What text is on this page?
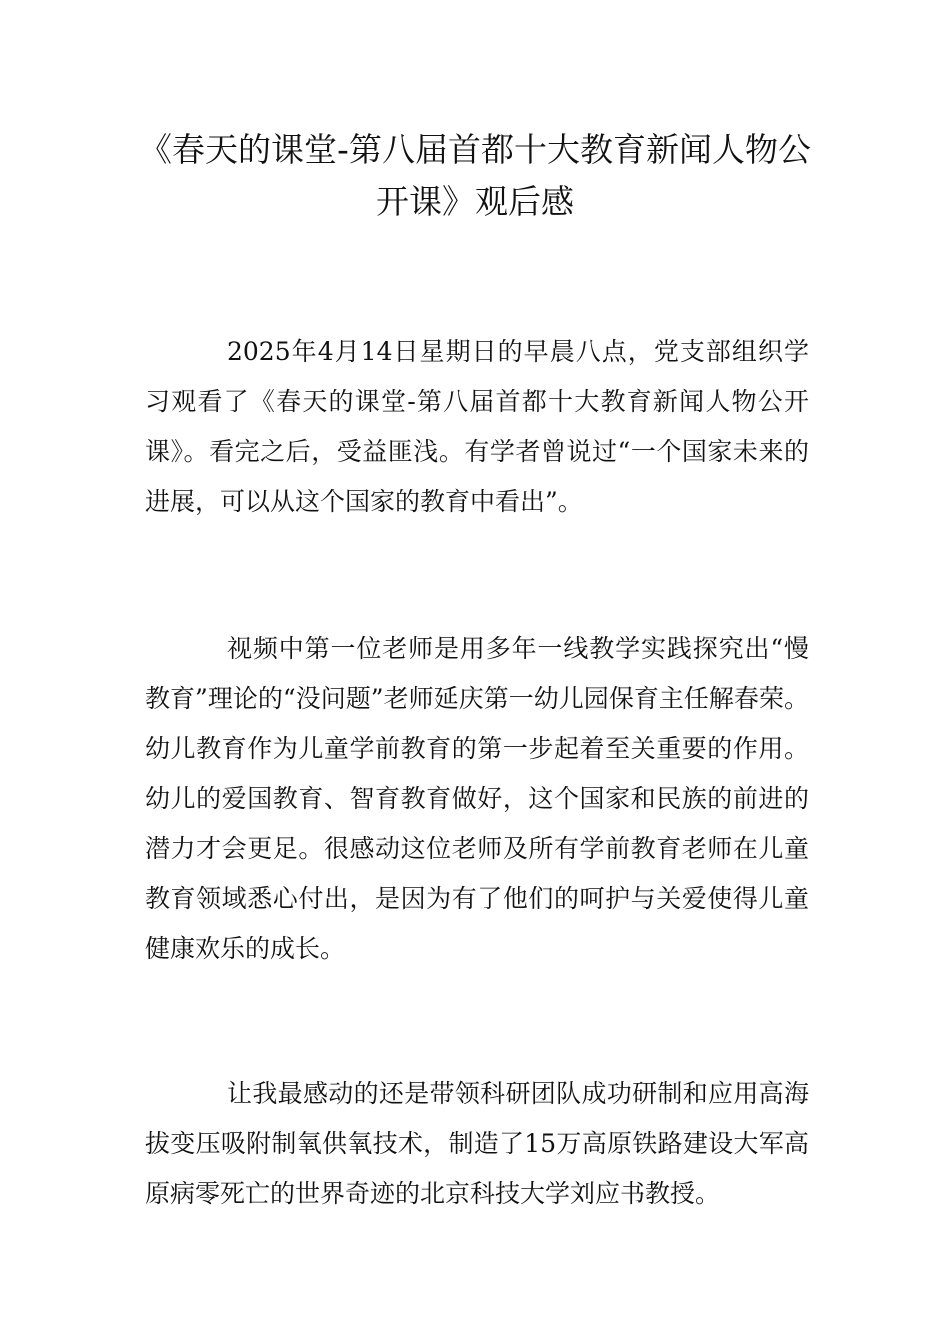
《春天的课堂-第八届首都十大教育新闻人物公开课》观后感

2025年4月14日星期日的早晨八点，党支部组织学习观看了《春天的课堂-第八届首都十大教育新闻人物公开课》。看完之后，受益匪浅。有学者曾说过“一个国家未来的进展，可以从这个国家的教育中看出”。

视频中第一位老师是用多年一线教学实践探究出“慢教育”理论的“没问题”老师延庆第一幼儿园保育主任解春荣。幼儿教育作为儿童学前教育的第一步起着至关重要的作用。幼儿的爱国教育、智育教育做好，这个国家和民族的前进的潜力才会更足。很感动这位老师及所有学前教育老师在儿童教育领域悉心付出，是因为有了他们的呵护与关爱使得儿童健康欢乐的成长。

让我最感动的还是带领科研团队成功研制和应用高海拔变压吸附制氧供氧技术，制造了15万高原铁路建设大军高原病零死亡的世界奇迹的北京科技大学刘应书教授。
